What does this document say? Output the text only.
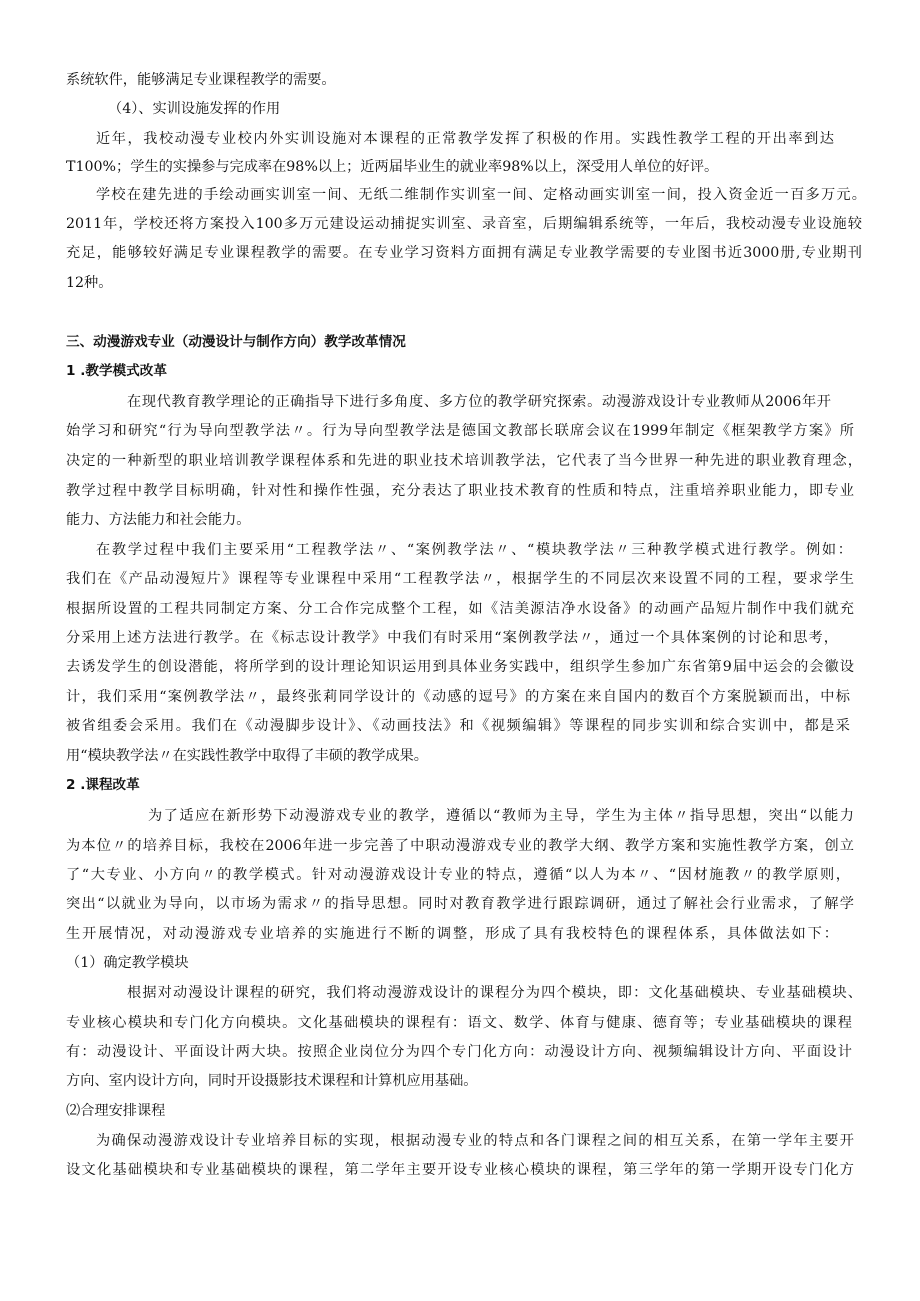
系统软件，能够满足专业课程教学的需要。
（4）、实训设施发挥的作用
近年，我校动漫专业校内外实训设施对本课程的正常教学发挥了积极的作用。实践性教学工程的开出率到达
T100%；学生的实操参与完成率在98%以上；近两届毕业生的就业率98%以上，深受用人单位的好评。
学校在建先进的手绘动画实训室一间、无纸二维制作实训室一间、定格动画实训室一间，投入资金近一百多万元。
2011年，学校还将方案投入100多万元建设运动捕捉实训室、录音室，后期编辑系统等，一年后，我校动漫专业设施较
充足，能够较好满足专业课程教学的需要。在专业学习资料方面拥有满足专业教学需要的专业图书近3000册,专业期刊
12种。
三、动漫游戏专业（动漫设计与制作方向）教学改革情况
1 .教学模式改革
在现代教育教学理论的正确指导下进行多角度、多方位的教学研究探索。动漫游戏设计专业教师从2006年开
始学习和研究“行为导向型教学法〃。行为导向型教学法是德国文教部长联席会议在1999年制定《框架教学方案》所
决定的一种新型的职业培训教学课程体系和先进的职业技术培训教学法，它代表了当今世界一种先进的职业教育理念，
教学过程中教学目标明确，针对性和操作性强，充分表达了职业技术教育的性质和特点，注重培养职业能力，即专业
能力、方法能力和社会能力。
在教学过程中我们主要采用“工程教学法〃、“案例教学法〃、“模块教学法〃三种教学模式进行教学。例如：
我们在《产品动漫短片》课程等专业课程中采用“工程教学法〃，根据学生的不同层次来设置不同的工程，要求学生
根据所设置的工程共同制定方案、分工合作完成整个工程，如《洁美源洁净水设备》的动画产品短片制作中我们就充
分采用上述方法进行教学。在《标志设计教学》中我们有时采用“案例教学法〃，通过一个具体案例的讨论和思考，
去诱发学生的创设潜能，将所学到的设计理论知识运用到具体业务实践中，组织学生参加广东省第9届中运会的会徽设
计，我们采用“案例教学法〃，最终张莉同学设计的《动感的逗号》的方案在来自国内的数百个方案脱颖而出，中标
被省组委会采用。我们在《动漫脚步设计》、《动画技法》和《视频编辑》等课程的同步实训和综合实训中，都是采
用“模块教学法〃在实践性教学中取得了丰硕的教学成果。
2 .课程改革
为了适应在新形势下动漫游戏专业的教学，遵循以“教师为主导，学生为主体〃指导思想，突出“以能力
为本位〃的培养目标，我校在2006年进一步完善了中职动漫游戏专业的教学大纲、教学方案和实施性教学方案，创立
了“大专业、小方向〃的教学模式。针对动漫游戏设计专业的特点，遵循“以人为本〃、“因材施教〃的教学原则，
突出“以就业为导向，以市场为需求〃的指导思想。同时对教育教学进行跟踪调研，通过了解社会行业需求，了解学
生开展情况，对动漫游戏专业培养的实施进行不断的调整，形成了具有我校特色的课程体系，具体做法如下：
（1）确定教学模块
根据对动漫设计课程的研究，我们将动漫游戏设计的课程分为四个模块，即：文化基础模块、专业基础模块、
专业核心模块和专门化方向模块。文化基础模块的课程有：语文、数学、体育与健康、德育等；专业基础模块的课程
有：动漫设计、平面设计两大块。按照企业岗位分为四个专门化方向：动漫设计方向、视频编辑设计方向、平面设计
方向、室内设计方向，同时开设摄影技术课程和计算机应用基础。
⑵合理安排课程
为确保动漫游戏设计专业培养目标的实现，根据动漫专业的特点和各门课程之间的相互关系，在第一学年主要开
设文化基础模块和专业基础模块的课程，第二学年主要开设专业核心模块的课程，第三学年的第一学期开设专门化方
